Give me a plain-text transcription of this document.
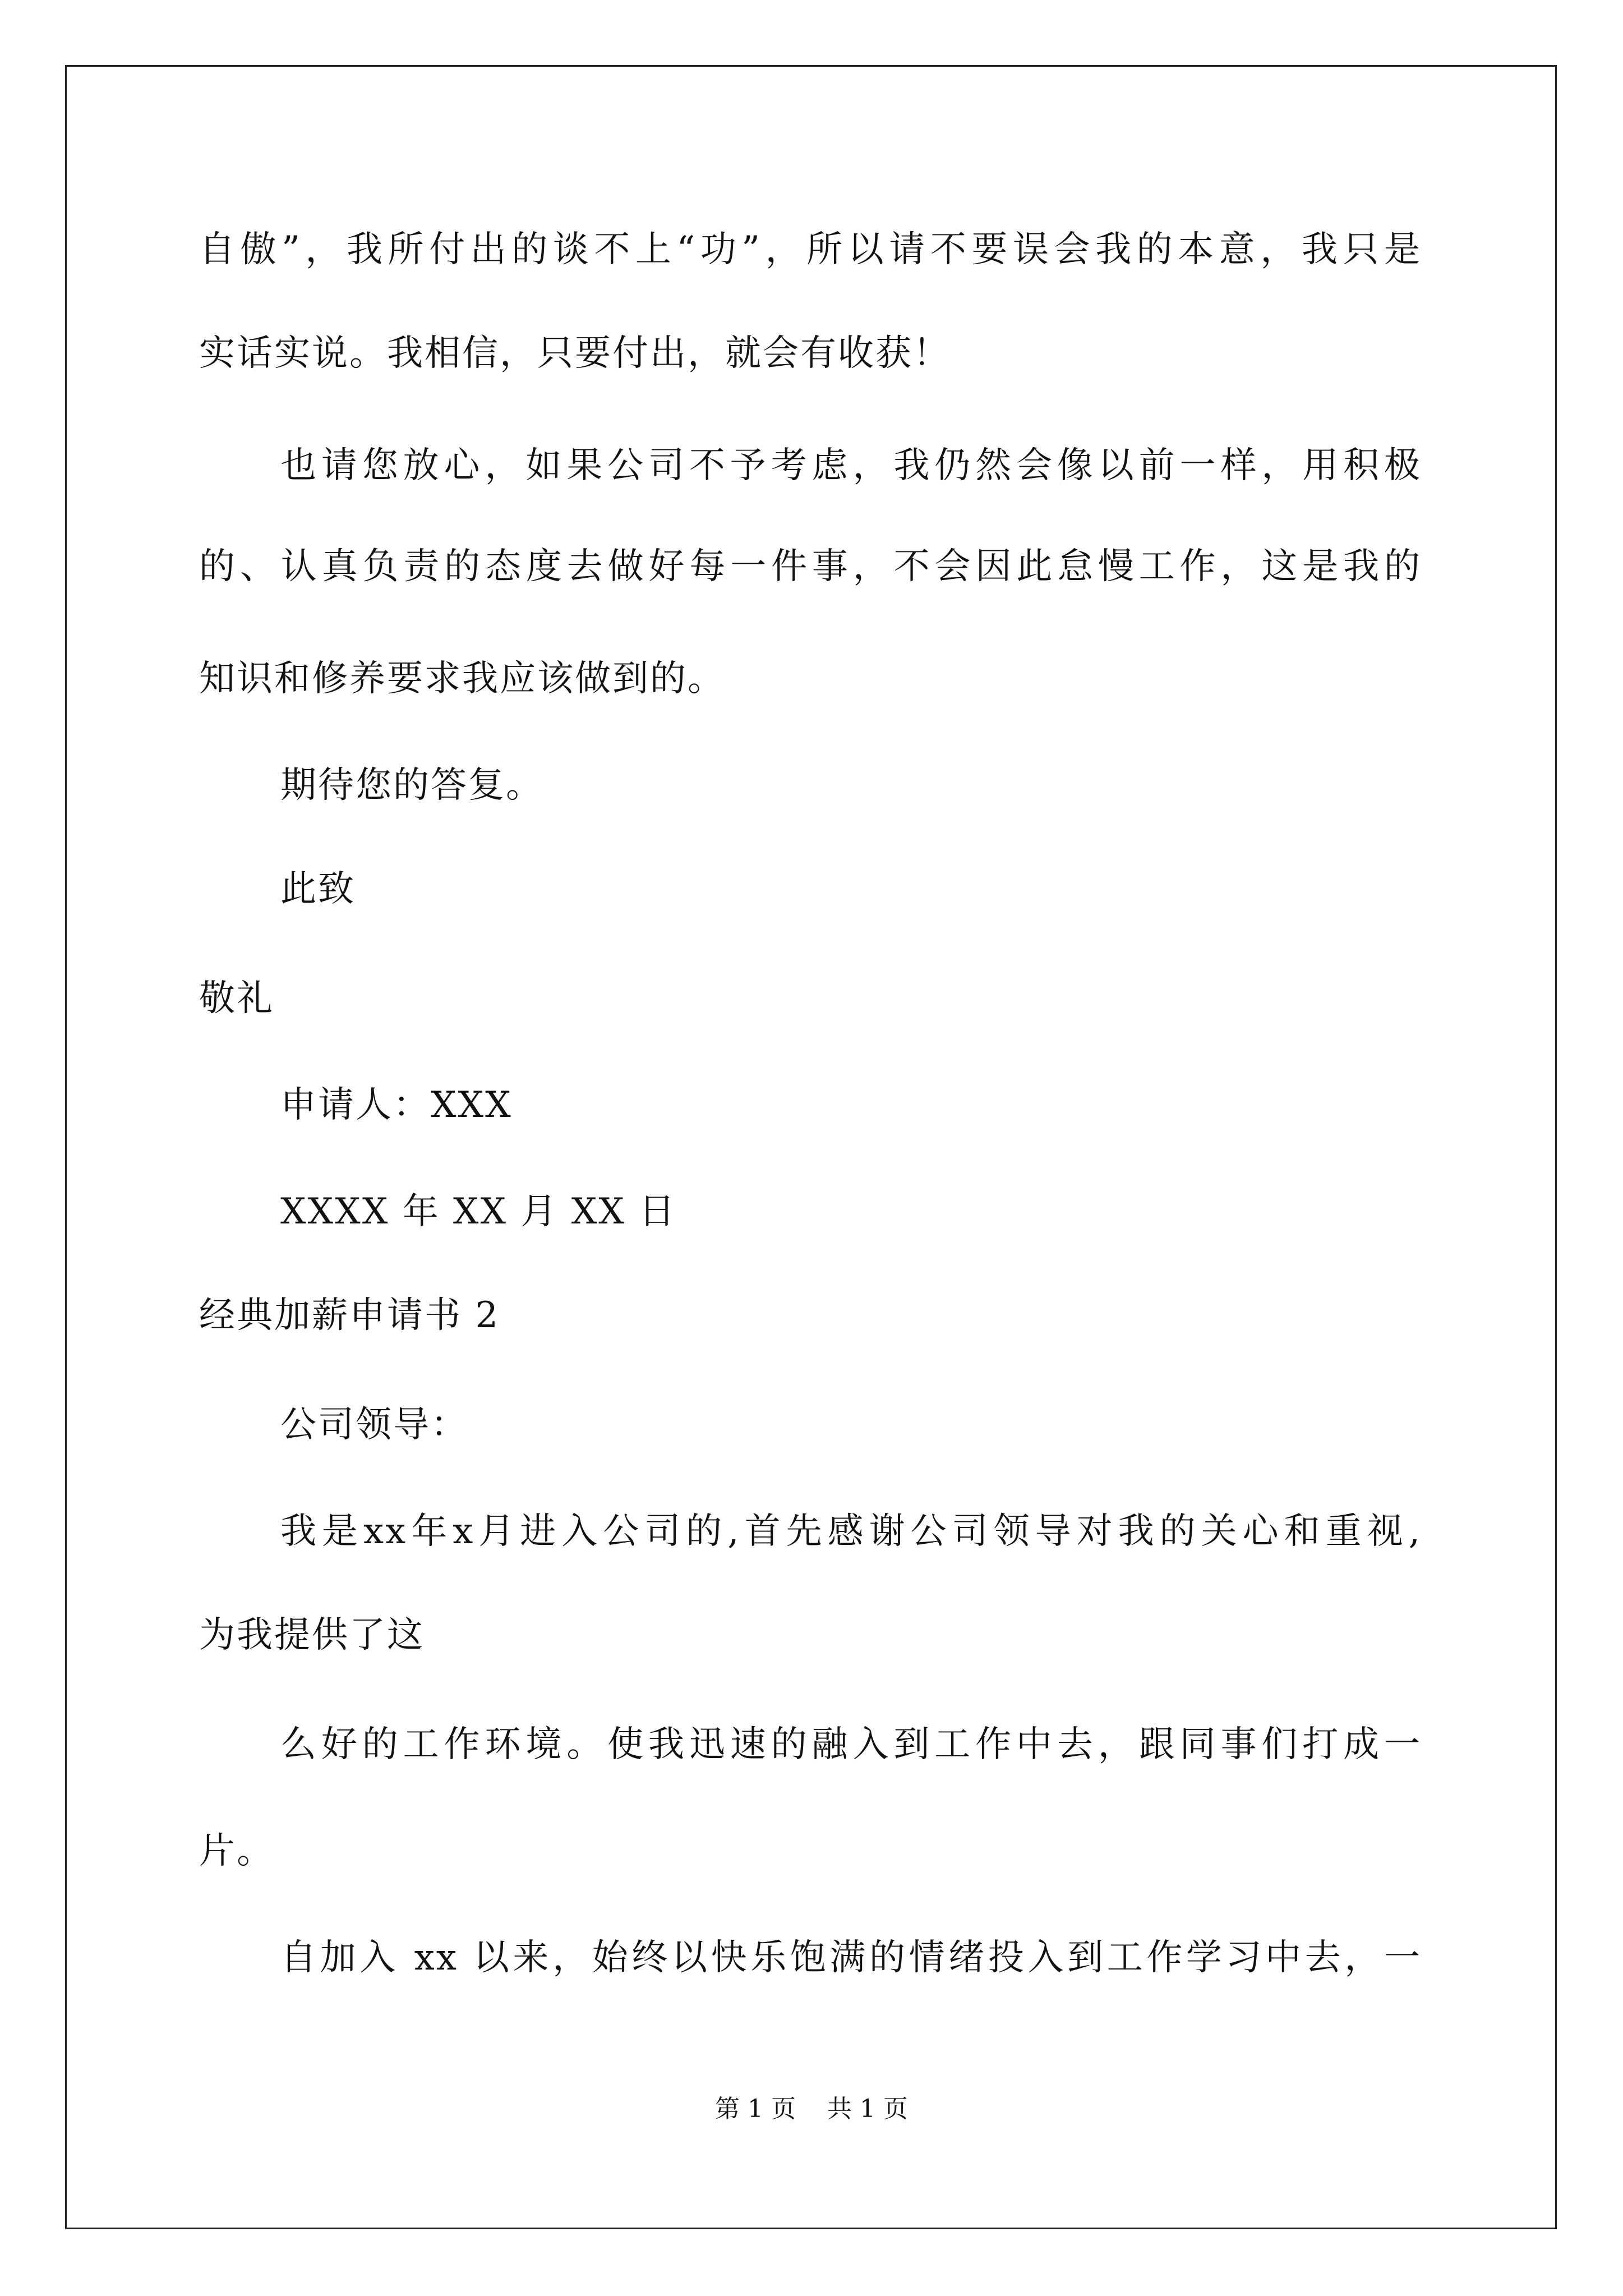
自傲”，我所付出的谈不上“功”，所以请不要误会我的本意，我只是
实话实说。我相信，只要付出，就会有收获！
也请您放心，如果公司不予考虑，我仍然会像以前一样，用积极
的、认真负责的态度去做好每一件事，不会因此怠慢工作，这是我的
知识和修养要求我应该做到的。
期待您的答复。
此致
敬礼
申请人：XXX
XXXX 年 XX 月 XX 日
经典加薪申请书 2
公司领导：
我是xx年x月进入公司的,首先感谢公司领导对我的关心和重视,
为我提供了这
么好的工作环境。使我迅速的融入到工作中去，跟同事们打成一
片。
自加入 xx 以来，始终以快乐饱满的情绪投入到工作学习中去，一
第 1 页    共 1 页
